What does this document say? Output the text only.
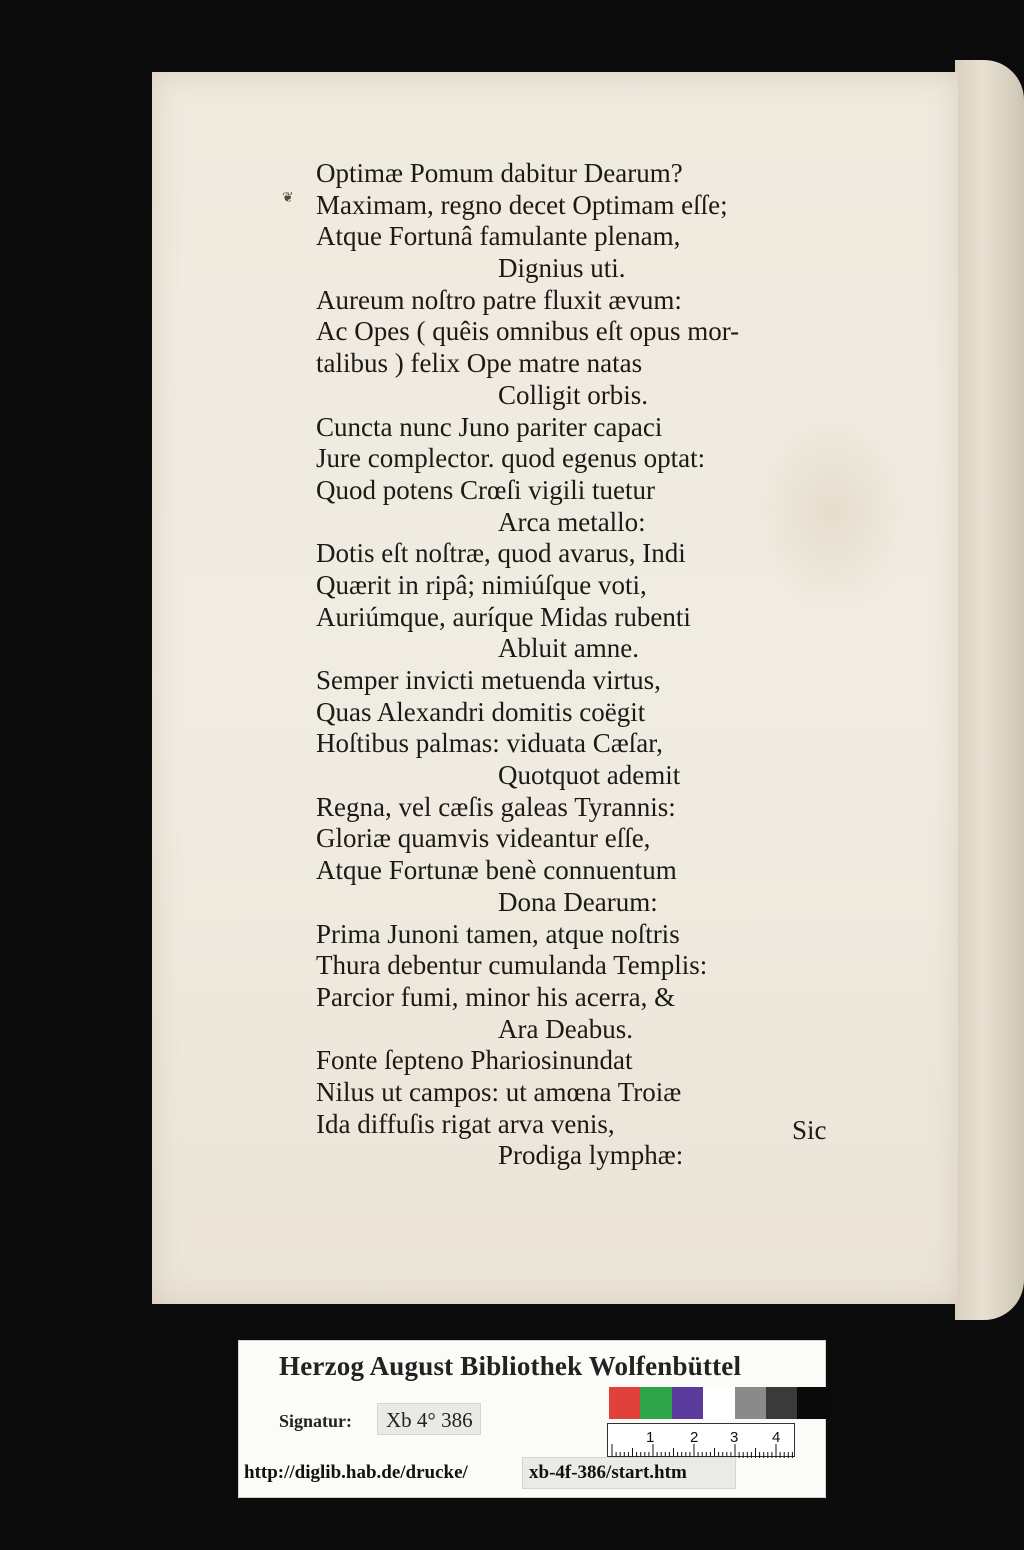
❦
Optimæ Pomum dabitur Dearum?
Maximam, regno decet Optimam eſſe;
Atque Fortunâ famulante plenam,
Dignius uti.
Aureum noſtro patre fluxit ævum:
Ac Opes ( quêis omnibus eſt opus mor-
talibus ) felix Ope matre natas
Colligit orbis.
Cuncta nunc Juno pariter capaci
Jure complector. quod egenus optat:
Quod potens Crœſi vigili tuetur
Arca metallo:
Dotis eſt noſtræ, quod avarus, Indi
Quærit in ripâ; nimiúſque voti,
Auriúmque, auríque Midas rubenti
Abluit amne.
Semper invicti metuenda virtus,
Quas Alexandri domitis coëgit
Hoſtibus palmas: viduata Cæſar,
Quotquot ademit
Regna, vel cæſis galeas Tyrannis:
Gloriæ quamvis videantur eſſe,
Atque Fortunæ benè connuentum
Dona Dearum:
Prima Junoni tamen, atque noſtris
Thura debentur cumulanda Templis:
Parcior fumi, minor his acerra, &
Ara Deabus.
Fonte ſepteno Phariosinundat
Nilus ut campos: ut amœna Troiæ
Ida diffuſis rigat arva venis,
Prodiga lymphæ:
Sic
Herzog August Bibliothek Wolfenbüttel
Signatur:	Xb 4° 386
1 2 3 4
http://diglib.hab.de/drucke/	xb-4f-386/start.htm
